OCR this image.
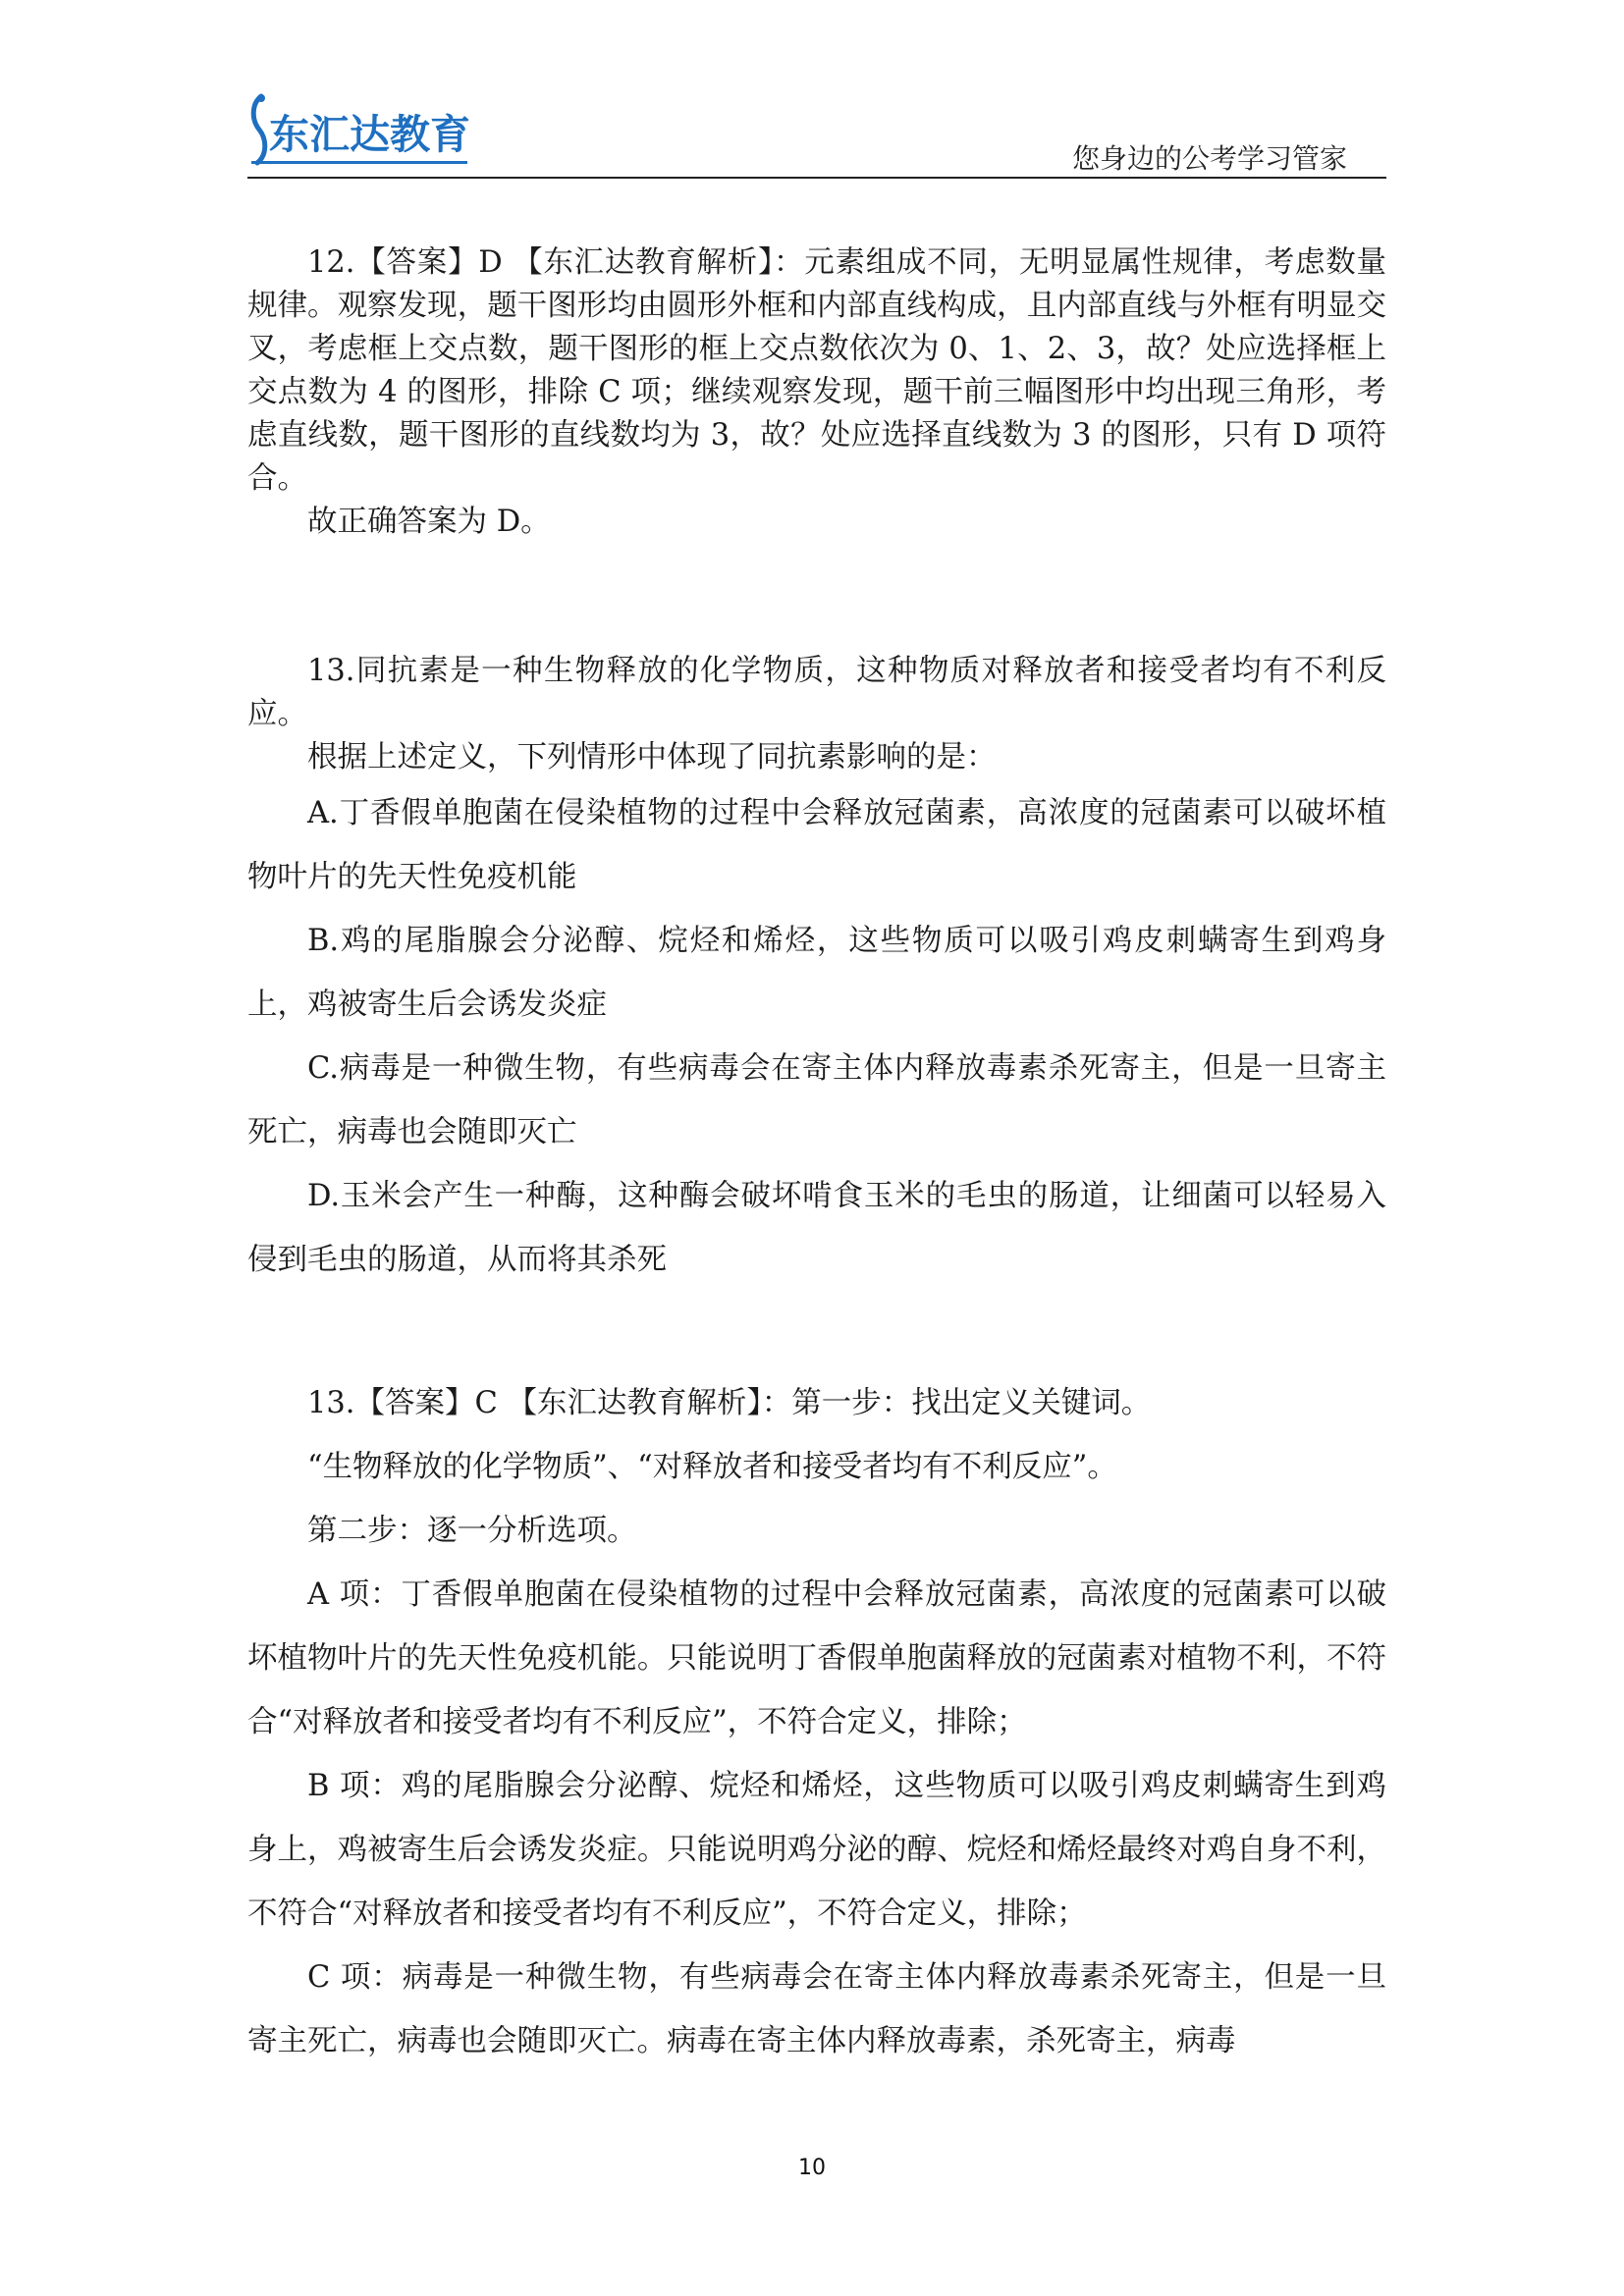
东汇达教育
您身边的公考学习管家
12.【答案】D 【东汇达教育解析】：元素组成不同，无明显属性规律，考虑数量规律。观察发现，题干图形均由圆形外框和内部直线构成，且内部直线与外框有明显交叉，考虑框上交点数，题干图形的框上交点数依次为 0、1、2、3，故？处应选择框上交点数为 4 的图形，排除 C 项；继续观察发现，题干前三幅图形中均出现三角形，考虑直线数，题干图形的直线数均为 3，故？处应选择直线数为 3 的图形，只有 D 项符合。
故正确答案为 D。
13.同抗素是一种生物释放的化学物质，这种物质对释放者和接受者均有不利反应。
根据上述定义，下列情形中体现了同抗素影响的是：
A.丁香假单胞菌在侵染植物的过程中会释放冠菌素，高浓度的冠菌素可以破坏植物叶片的先天性免疫机能
B.鸡的尾脂腺会分泌醇、烷烃和烯烃，这些物质可以吸引鸡皮刺螨寄生到鸡身上，鸡被寄生后会诱发炎症
C.病毒是一种微生物，有些病毒会在寄主体内释放毒素杀死寄主，但是一旦寄主死亡，病毒也会随即灭亡
D.玉米会产生一种酶，这种酶会破坏啃食玉米的毛虫的肠道，让细菌可以轻易入侵到毛虫的肠道，从而将其杀死
13.【答案】C 【东汇达教育解析】：第一步：找出定义关键词。
“生物释放的化学物质”、“对释放者和接受者均有不利反应”。
第二步：逐一分析选项。
A 项：丁香假单胞菌在侵染植物的过程中会释放冠菌素，高浓度的冠菌素可以破坏植物叶片的先天性免疫机能。只能说明丁香假单胞菌释放的冠菌素对植物不利，不符合“对释放者和接受者均有不利反应”，不符合定义，排除；
B 项：鸡的尾脂腺会分泌醇、烷烃和烯烃，这些物质可以吸引鸡皮刺螨寄生到鸡身上，鸡被寄生后会诱发炎症。只能说明鸡分泌的醇、烷烃和烯烃最终对鸡自身不利，不符合“对释放者和接受者均有不利反应”，不符合定义，排除；
C 项：病毒是一种微生物，有些病毒会在寄主体内释放毒素杀死寄主，但是一旦寄主死亡，病毒也会随即灭亡。病毒在寄主体内释放毒素，杀死寄主，病毒
10
